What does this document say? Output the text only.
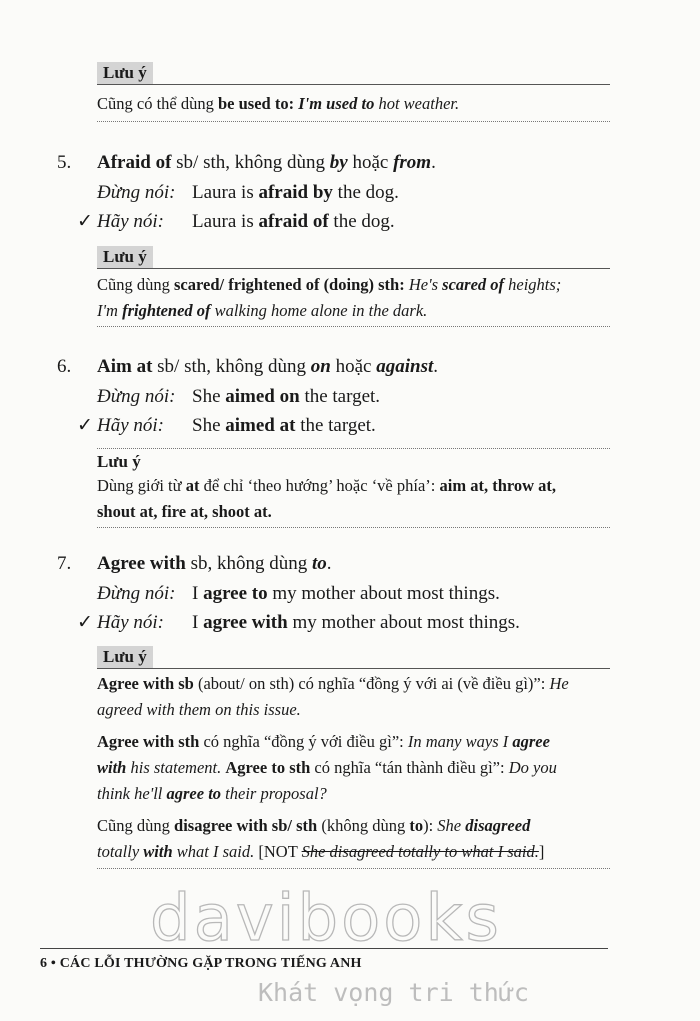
Lưu ý

Cũng có thể dùng be used to: I'm used to hot weather.

5.	Afraid of sb/ sth, không dùng by hoặc from.
Đừng nói: Laura is afraid by the dog.
✓ Hãy nói: Laura is afraid of the dog.
Lưu ý

Cũng dùng scared/ frightened of (doing) sth: He's scared of heights;
I'm frightened of walking home alone in the dark.

6.	Aim at sb/ sth, không dùng on hoặc against.
Đừng nói: She aimed on the target.
✓ Hãy nói: She aimed at the target.
Lưu ý

Dùng giới từ at để chỉ ‘theo hướng’ hoặc ‘về phía’: aim at, throw at,
shout at, fire at, shoot at.

7.	Agree with sb, không dùng to.
Đừng nói: I agree to my mother about most things.
✓ Hãy nói: I agree with my mother about most things.
Lưu ý

Agree with sb (about/ on sth) có nghĩa “đồng ý với ai (về điều gì)”: He
agreed with them on this issue.

Agree with sth có nghĩa “đồng ý với điều gì”: In many ways I agree
with his statement. Agree to sth có nghĩa “tán thành điều gì”: Do you
think he'll agree to their proposal?

Cũng dùng disagree with sb/ sth (không dùng to): She disagreed
totally with what I said. [NOT She disagreed totally to what I said.]

davibooks
6 • CÁC LỖI THƯỜNG GẶP TRONG TIẾNG ANH
Khát vọng tri thức
